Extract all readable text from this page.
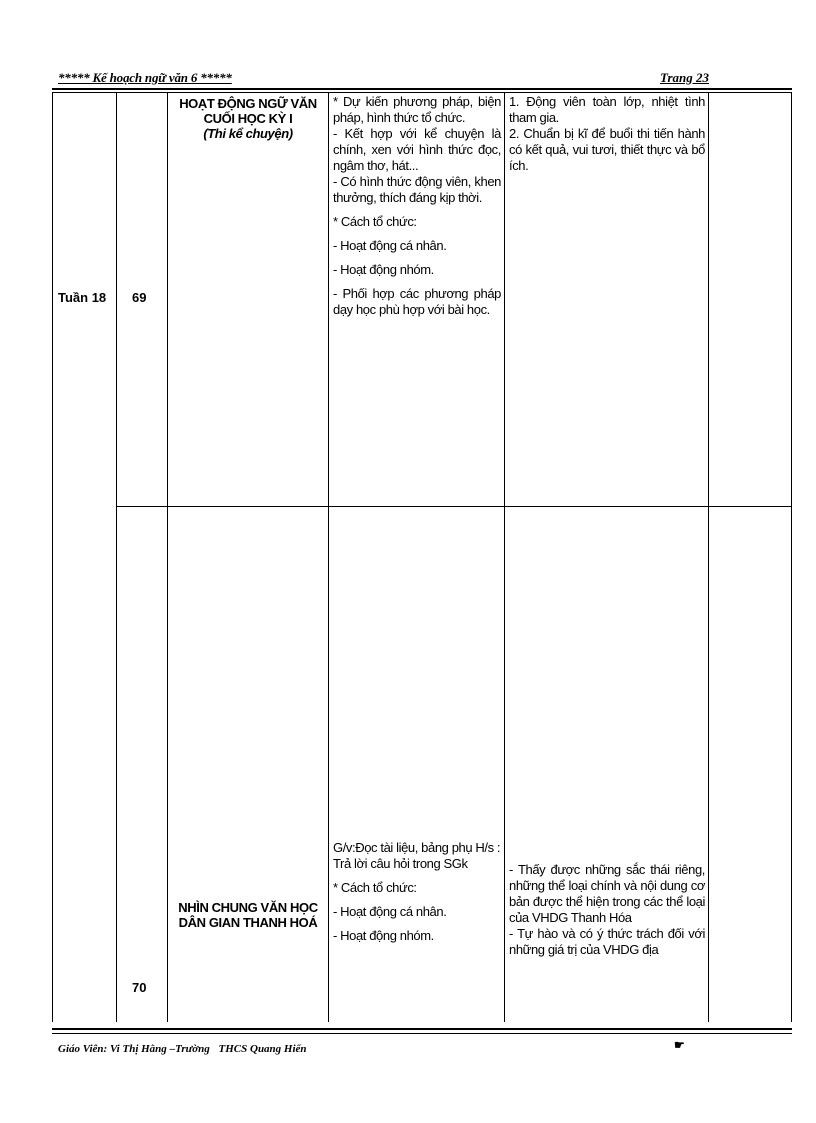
***** Kế hoạch ngữ văn 6 *****	Trang 23
Tuần 18 69
HOẠT ĐỘNG NGỮ VĂN CUỐI HỌC KỲ I
(Thi kể chuyện)

* Dự kiến phương pháp, biện pháp, hình thức tổ chức.

- Kết hợp với kể chuyện là chính, xen với hình thức đọc, ngâm thơ, hát...

- Có hình thức động viên, khen thưởng, thích đáng kịp thời.

* Cách tổ chức:

- Hoạt động cá nhân.

- Hoạt động nhóm.

- Phối hợp các phương pháp dạy học phù hợp với bài học.

1. Động viên toàn lớp, nhiệt tình tham gia.

2. Chuẩn bị kĩ để buổi thi tiến hành có kết quả, vui tươi, thiết thực và bổ ích.

70
NHÌN CHUNG VĂN HỌC DÂN GIAN THANH HOÁ

G/v:Đọc tài liệu, bảng phụ H/s : Trả lời câu hỏi trong SGk

* Cách tổ chức:

- Hoạt động cá nhân.

- Hoạt động nhóm.

- Thấy được những sắc thái riêng, những thể loại chính và nội dung cơ bản được thể hiện trong các thể loại của VHDG Thanh Hóa

- Tự hào và có ý thức trách đối với những giá trị của VHDG địa

Giáo Viên: Vi Thị Hằng –Trường THCS Quang Hiến	☛
